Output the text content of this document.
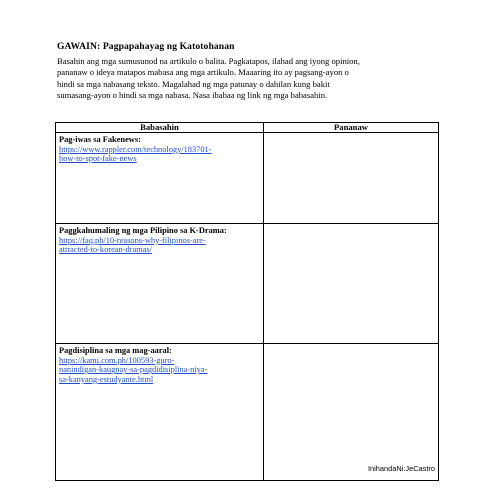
GAWAIN: Pagpapahayag ng Katotohanan
Basahin ang mga sumusunod na artikulo o balita. Pagkatapos, ilahad ang iyong opinion,
pananaw o ideya matapos mabasa ang mga artikulo. Maaaring ito ay pagsang-ayon o
hindi sa mga nabasang teksto. Magalahad ng mga patunay o dahilan kung bakit
sumasang-ayon o hindi sa mga nabasa. Nasa ibabaa ng link ng mga babasahin.
Babasahin	Pananaw

Pag-iwas sa Fakenews:
https://www.rappler.com/technology/183701-
how-to-spot-fake-news	

Paggkahumaling ng mga Pilipino sa K-Drama:
https://faq.ph/10-reasons-why-filipinos-are-
attracted-to-korean-dramas/	

Pagdisiplina sa mga mag-aaral:
https://kami.com.ph/100593-guro-
nanindigan-kaugnay-sa-pagdidisiplina-niya-
sa-kanyang-estudyante.html	

InihandaNi:JeCastro
